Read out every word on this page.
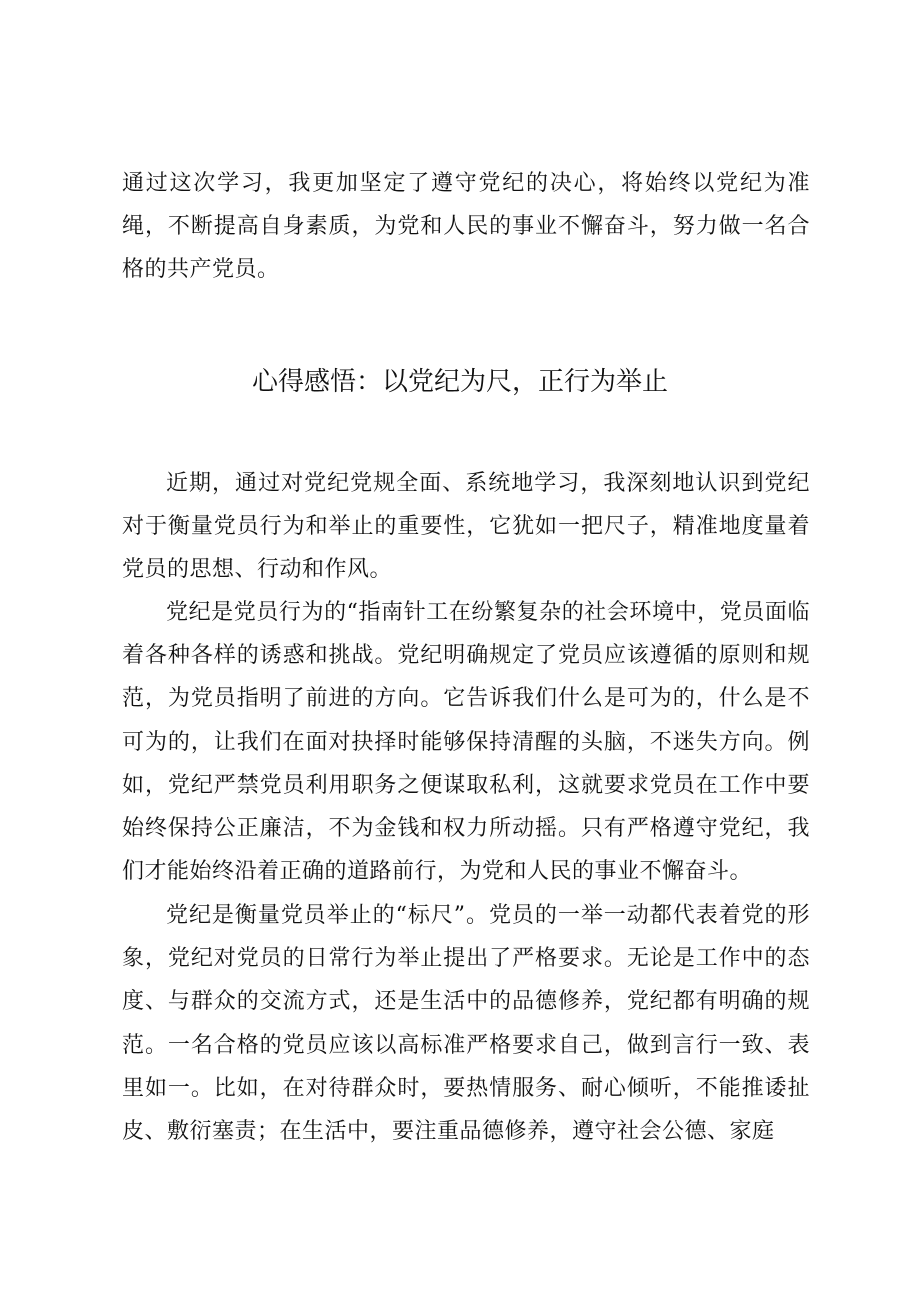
通过这次学习，我更加坚定了遵守党纪的决心，将始终以党纪为准绳，不断提高自身素质，为党和人民的事业不懈奋斗，努力做一名合格的共产党员。

心得感悟：以党纪为尺，正行为举止

近期，通过对党纪党规全面、系统地学习，我深刻地认识到党纪对于衡量党员行为和举止的重要性，它犹如一把尺子，精准地度量着党员的思想、行动和作风。

党纪是党员行为的“指南针工在纷繁复杂的社会环境中，党员面临着各种各样的诱惑和挑战。党纪明确规定了党员应该遵循的原则和规范，为党员指明了前进的方向。它告诉我们什么是可为的，什么是不可为的，让我们在面对抉择时能够保持清醒的头脑，不迷失方向。例如，党纪严禁党员利用职务之便谋取私利，这就要求党员在工作中要始终保持公正廉洁，不为金钱和权力所动摇。只有严格遵守党纪，我们才能始终沿着正确的道路前行，为党和人民的事业不懈奋斗。

党纪是衡量党员举止的“标尺”。党员的一举一动都代表着党的形象，党纪对党员的日常行为举止提出了严格要求。无论是工作中的态度、与群众的交流方式，还是生活中的品德修养，党纪都有明确的规范。一名合格的党员应该以高标准严格要求自己，做到言行一致、表里如一。比如，在对待群众时，要热情服务、耐心倾听，不能推诿扯皮、敷衍塞责；在生活中，要注重品德修养，遵守社会公德、家庭
